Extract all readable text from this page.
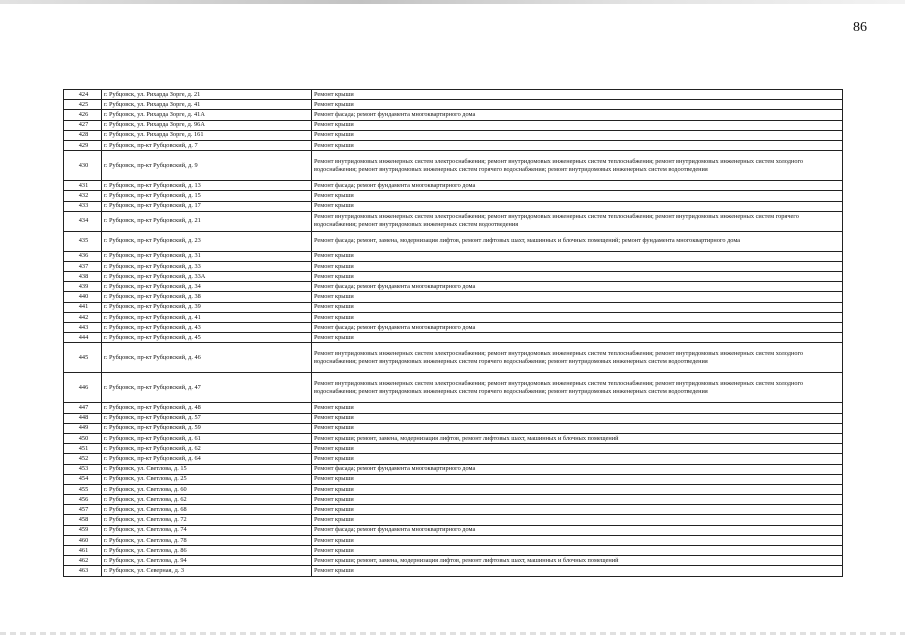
86
424	г. Рубцовск, ул. Рихарда Зорге, д. 21	Ремонт крыши
425	г. Рубцовск, ул. Рихарда Зорге, д. 41	Ремонт крыши
426	г. Рубцовск, ул. Рихарда Зорге, д. 41А	Ремонт фасада; ремонт фундамента многоквартирного дома
427	г. Рубцовск, ул. Рихарда Зорге, д. 96А	Ремонт крыши
428	г. Рубцовск, ул. Рихарда Зорге, д. 161	Ремонт крыши
429	г. Рубцовск, пр-кт Рубцовский, д. 7	Ремонт крыши
430	г. Рубцовск, пр-кт Рубцовский, д. 9	Ремонт внутридомовых инженерных систем электроснабжения; ремонт внутридомовых инженерных систем теплоснабжения; ремонт внутридомовых инженерных систем холодного водоснабжения; ремонт внутридомовых инженерных систем горячего водоснабжения; ремонт внутридомовых инженерных систем водоотведения
431	г. Рубцовск, пр-кт Рубцовский, д. 13	Ремонт фасада; ремонт фундамента многоквартирного дома
432	г. Рубцовск, пр-кт Рубцовский, д. 15	Ремонт крыши
433	г. Рубцовск, пр-кт Рубцовский, д. 17	Ремонт крыши
434	г. Рубцовск, пр-кт Рубцовский, д. 21	Ремонт внутридомовых инженерных систем электроснабжения; ремонт внутридомовых инженерных систем теплоснабжения; ремонт внутридомовых инженерных систем горячего водоснабжения; ремонт внутридомовых инженерных систем водоотведения
435	г. Рубцовск, пр-кт Рубцовский, д. 23	Ремонт фасада; ремонт, замена, модернизация лифтов, ремонт лифтовых шахт, машинных и блочных помещений; ремонт фундамента многоквартирного дома
436	г. Рубцовск, пр-кт Рубцовский, д. 31	Ремонт крыши
437	г. Рубцовск, пр-кт Рубцовский, д. 33	Ремонт крыши
438	г. Рубцовск, пр-кт Рубцовский, д. 33А	Ремонт крыши
439	г. Рубцовск, пр-кт Рубцовский, д. 34	Ремонт фасада; ремонт фундамента многоквартирного дома
440	г. Рубцовск, пр-кт Рубцовский, д. 38	Ремонт крыши
441	г. Рубцовск, пр-кт Рубцовский, д. 39	Ремонт крыши
442	г. Рубцовск, пр-кт Рубцовский, д. 41	Ремонт крыши
443	г. Рубцовск, пр-кт Рубцовский, д. 43	Ремонт фасада; ремонт фундамента многоквартирного дома
444	г. Рубцовск, пр-кт Рубцовский, д. 45	Ремонт крыши
445	г. Рубцовск, пр-кт Рубцовский, д. 46	Ремонт внутридомовых инженерных систем электроснабжения; ремонт внутридомовых инженерных систем теплоснабжения; ремонт внутридомовых инженерных систем холодного водоснабжения; ремонт внутридомовых инженерных систем горячего водоснабжения; ремонт внутридомовых инженерных систем водоотведения
446	г. Рубцовск, пр-кт Рубцовский, д. 47	Ремонт внутридомовых инженерных систем электроснабжения; ремонт внутридомовых инженерных систем теплоснабжения; ремонт внутридомовых инженерных систем холодного водоснабжения; ремонт внутридомовых инженерных систем горячего водоснабжения; ремонт внутридомовых инженерных систем водоотведения
447	г. Рубцовск, пр-кт Рубцовский, д. 48	Ремонт крыши
448	г. Рубцовск, пр-кт Рубцовский, д. 57	Ремонт крыши
449	г. Рубцовск, пр-кт Рубцовский, д. 59	Ремонт крыши
450	г. Рубцовск, пр-кт Рубцовский, д. 61	Ремонт крыши; ремонт, замена, модернизация лифтов, ремонт лифтовых шахт, машинных и блочных помещений
451	г. Рубцовск, пр-кт Рубцовский, д. 62	Ремонт крыши
452	г. Рубцовск, пр-кт Рубцовский, д. 64	Ремонт крыши
453	г. Рубцовск, ул. Светлова, д. 15	Ремонт фасада; ремонт фундамента многоквартирного дома
454	г. Рубцовск, ул. Светлова, д. 25	Ремонт крыши
455	г. Рубцовск, ул. Светлова, д. 60	Ремонт крыши
456	г. Рубцовск, ул. Светлова, д. 62	Ремонт крыши
457	г. Рубцовск, ул. Светлова, д. 68	Ремонт крыши
458	г. Рубцовск, ул. Светлова, д. 72	Ремонт крыши
459	г. Рубцовск, ул. Светлова, д. 74	Ремонт фасада; ремонт фундамента многоквартирного дома
460	г. Рубцовск, ул. Светлова, д. 78	Ремонт крыши
461	г. Рубцовск, ул. Светлова, д. 86	Ремонт крыши
462	г. Рубцовск, ул. Светлова, д. 94	Ремонт крыши; ремонт, замена, модернизация лифтов, ремонт лифтовых шахт, машинных и блочных помещений
463	г. Рубцовск, ул. Северная, д. 3	Ремонт крыши
